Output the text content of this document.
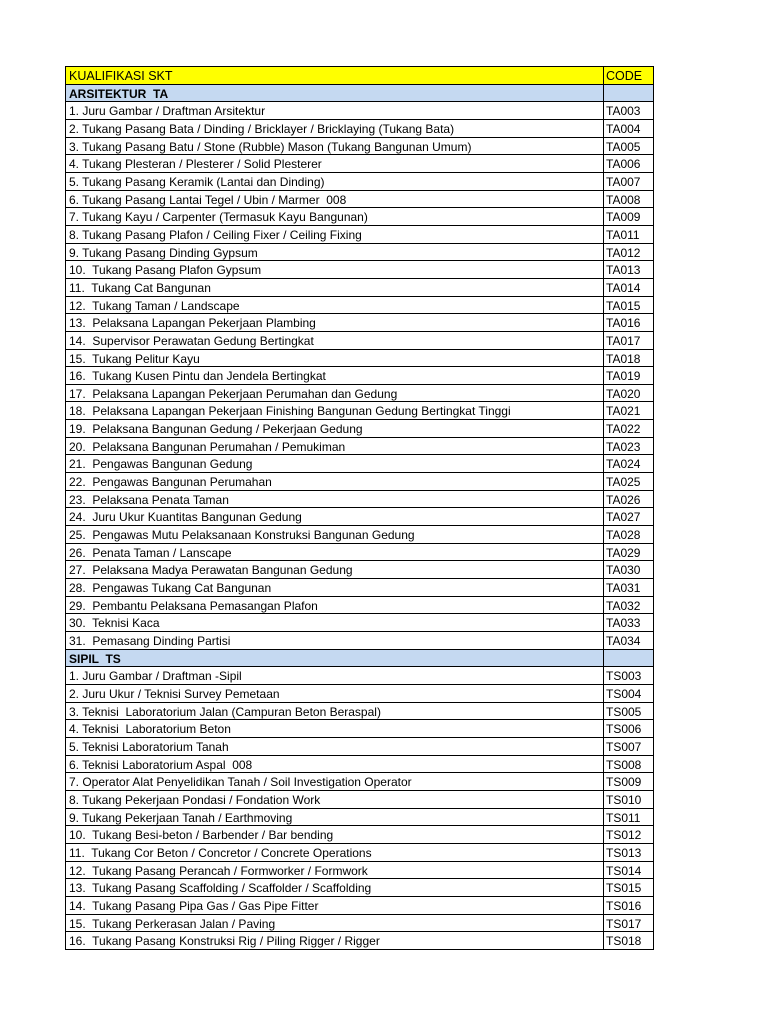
KUALIFIKASI SKT	CODE
ARSITEKTUR  TA
1. Juru Gambar / Draftman Arsitektur	TA003
2. Tukang Pasang Bata / Dinding / Bricklayer / Bricklaying (Tukang Bata)	TA004
3. Tukang Pasang Batu / Stone (Rubble) Mason (Tukang Bangunan Umum)	TA005
4. Tukang Plesteran / Plesterer / Solid Plesterer	TA006
5. Tukang Pasang Keramik (Lantai dan Dinding)	TA007
6. Tukang Pasang Lantai Tegel / Ubin / Marmer  008	TA008
7. Tukang Kayu / Carpenter (Termasuk Kayu Bangunan)	TA009
8. Tukang Pasang Plafon / Ceiling Fixer / Ceiling Fixing	TA011
9. Tukang Pasang Dinding Gypsum	TA012
10.  Tukang Pasang Plafon Gypsum	TA013
11.  Tukang Cat Bangunan	TA014
12.  Tukang Taman / Landscape	TA015
13.  Pelaksana Lapangan Pekerjaan Plambing	TA016
14.  Supervisor Perawatan Gedung Bertingkat	TA017
15.  Tukang Pelitur Kayu	TA018
16.  Tukang Kusen Pintu dan Jendela Bertingkat	TA019
17.  Pelaksana Lapangan Pekerjaan Perumahan dan Gedung	TA020
18.  Pelaksana Lapangan Pekerjaan Finishing Bangunan Gedung Bertingkat Tinggi	TA021
19.  Pelaksana Bangunan Gedung / Pekerjaan Gedung	TA022
20.  Pelaksana Bangunan Perumahan / Pemukiman	TA023
21.  Pengawas Bangunan Gedung	TA024
22.  Pengawas Bangunan Perumahan	TA025
23.  Pelaksana Penata Taman	TA026
24.  Juru Ukur Kuantitas Bangunan Gedung	TA027
25.  Pengawas Mutu Pelaksanaan Konstruksi Bangunan Gedung	TA028
26.  Penata Taman / Lanscape	TA029
27.  Pelaksana Madya Perawatan Bangunan Gedung	TA030
28.  Pengawas Tukang Cat Bangunan	TA031
29.  Pembantu Pelaksana Pemasangan Plafon	TA032
30.  Teknisi Kaca	TA033
31.  Pemasang Dinding Partisi	TA034
SIPIL  TS
1. Juru Gambar / Draftman -Sipil	TS003
2. Juru Ukur / Teknisi Survey Pemetaan	TS004
3. Teknisi  Laboratorium Jalan (Campuran Beton Beraspal)	TS005
4. Teknisi  Laboratorium Beton	TS006
5. Teknisi Laboratorium Tanah	TS007
6. Teknisi Laboratorium Aspal  008	TS008
7. Operator Alat Penyelidikan Tanah / Soil Investigation Operator	TS009
8. Tukang Pekerjaan Pondasi / Fondation Work	TS010
9. Tukang Pekerjaan Tanah / Earthmoving	TS011
10.  Tukang Besi-beton / Barbender / Bar bending	TS012
11.  Tukang Cor Beton / Concretor / Concrete Operations	TS013
12.  Tukang Pasang Perancah / Formworker / Formwork	TS014
13.  Tukang Pasang Scaffolding / Scaffolder / Scaffolding	TS015
14.  Tukang Pasang Pipa Gas / Gas Pipe Fitter	TS016
15.  Tukang Perkerasan Jalan / Paving	TS017
16.  Tukang Pasang Konstruksi Rig / Piling Rigger / Rigger	TS018
